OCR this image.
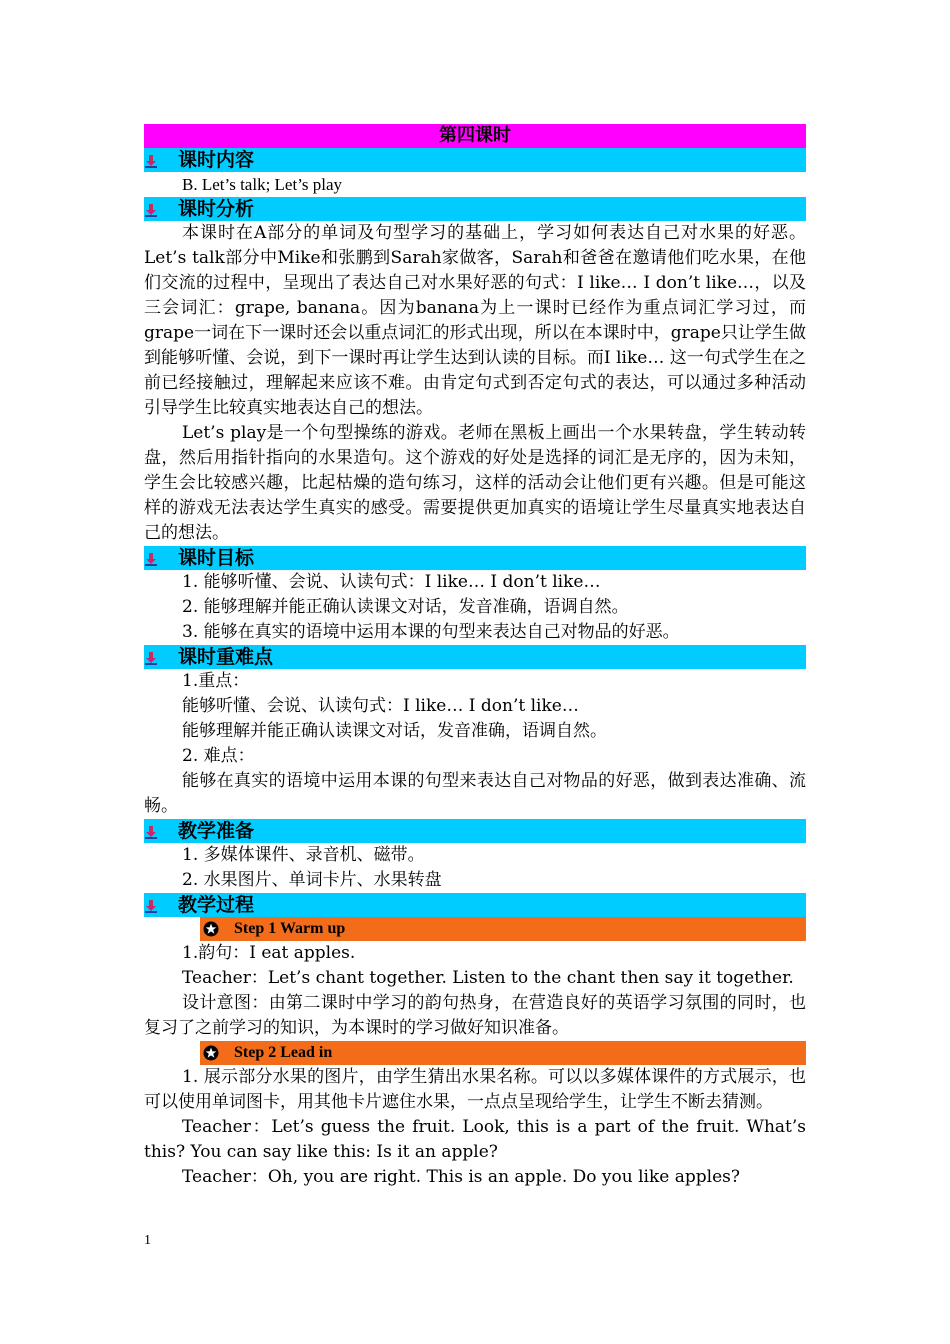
第四课时
课时内容

B. Let’s talk; Let’s play

课时分析

本课时在A部分的单词及句型学习的基础上，学习如何表达自己对水果的好恶。Let’s talk部分中Mike和张鹏到Sarah家做客，Sarah和爸爸在邀请他们吃水果，在他们交流的过程中，呈现出了表达自己对水果好恶的句式：I like… I don’t like…，以及三会词汇：grape, banana。因为banana为上一课时已经作为重点词汇学习过，而grape一词在下一课时还会以重点词汇的形式出现，所以在本课时中，grape只让学生做到能够听懂、会说，到下一课时再让学生达到认读的目标。而I like… 这一句式学生在之前已经接触过，理解起来应该不难。由肯定句式到否定句式的表达，可以通过多种活动引导学生比较真实地表达自己的想法。

Let’s play是一个句型操练的游戏。老师在黑板上画出一个水果转盘，学生转动转盘，然后用指针指向的水果造句。这个游戏的好处是选择的词汇是无序的，因为未知，学生会比较感兴趣，比起枯燥的造句练习，这样的活动会让他们更有兴趣。但是可能这样的游戏无法表达学生真实的感受。需要提供更加真实的语境让学生尽量真实地表达自己的想法。

课时目标

1. 能够听懂、会说、认读句式：I like… I don’t like…

2. 能够理解并能正确认读课文对话，发音准确，语调自然。

3. 能够在真实的语境中运用本课的句型来表达自己对物品的好恶。

课时重难点

1.重点：

能够听懂、会说、认读句式：I like… I don’t like…

能够理解并能正确认读课文对话，发音准确，语调自然。

2. 难点：

能够在真实的语境中运用本课的句型来表达自己对物品的好恶，做到表达准确、流畅。

教学准备

1. 多媒体课件、录音机、磁带。

2. 水果图片、单词卡片、水果转盘

教学过程
Step 1 Warm up

1.韵句：I eat apples.

Teacher：Let’s chant together. Listen to the chant then say it together.

设计意图：由第二课时中学习的韵句热身，在营造良好的英语学习氛围的同时，也复习了之前学习的知识，为本课时的学习做好知识准备。

Step 2 Lead in

1. 展示部分水果的图片，由学生猜出水果名称。可以以多媒体课件的方式展示，也可以使用单词图卡，用其他卡片遮住水果，一点点呈现给学生，让学生不断去猜测。

Teacher：Let’s guess the fruit. Look, this is a part of the fruit. What’s this? You can say like this: Is it an apple?

Teacher：Oh, you are right. This is an apple. Do you like apples?

1
